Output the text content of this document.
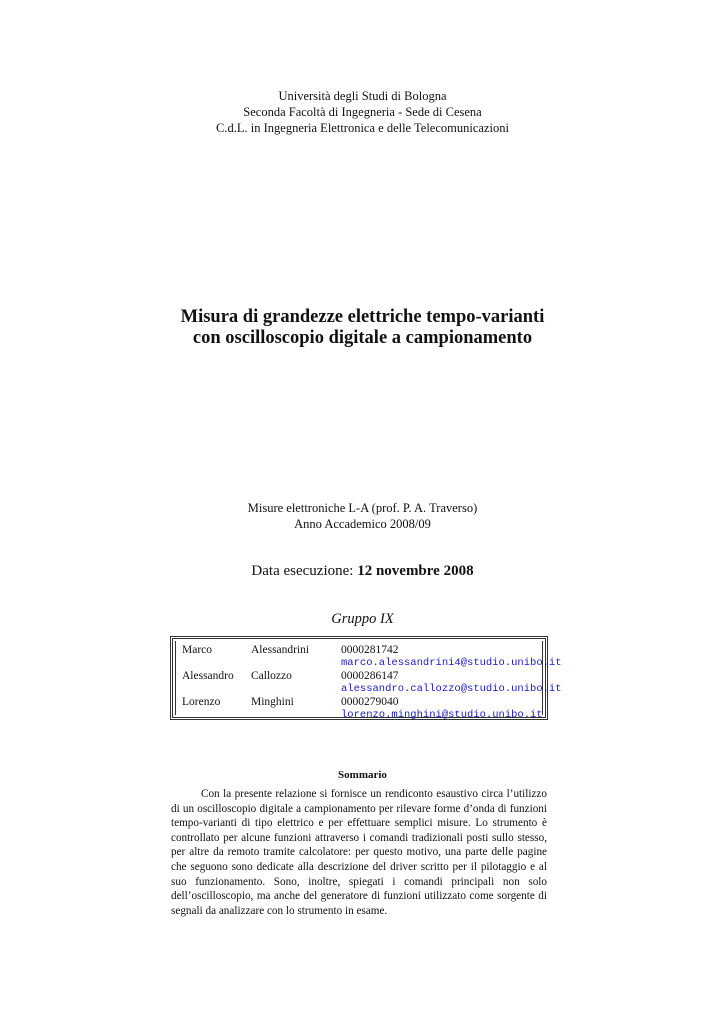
Università degli Studi di Bologna
Seconda Facoltà di Ingegneria - Sede di Cesena
C.d.L. in Ingegneria Elettronica e delle Telecomunicazioni
Misura di grandezze elettriche tempo-varianti
con oscilloscopio digitale a campionamento
Misure elettroniche L-A (prof. P. A. Traverso)
Anno Accademico 2008/09
Data esecuzione: 12 novembre 2008
Gruppo IX
Marco	Alessandrini	0000281742
marco.alessandrini4@studio.unibo.it
Alessandro Callozzo	0000286147
alessandro.callozzo@studio.unibo.it
Lorenzo	Minghini	0000279040
lorenzo.minghini@studio.unibo.it
Sommario
Con la presente relazione si fornisce un rendiconto esaustivo circa l’utilizzo di un oscilloscopio digitale a campionamento per rilevare forme d’onda di funzioni tempo-varianti di tipo elettrico e per effettuare semplici misure. Lo strumento è controllato per alcune funzioni attraverso i comandi tradizionali posti sullo stesso, per altre da remoto tramite calcolatore: per questo motivo, una parte delle pagine che seguono sono dedicate alla descrizione del driver scritto per il pilotaggio e al suo funzionamento. Sono, inoltre, spiegati i comandi principali non solo dell’oscilloscopio, ma anche del generatore di funzioni utilizzato come sorgente di segnali da analizzare con lo strumento in esame.
